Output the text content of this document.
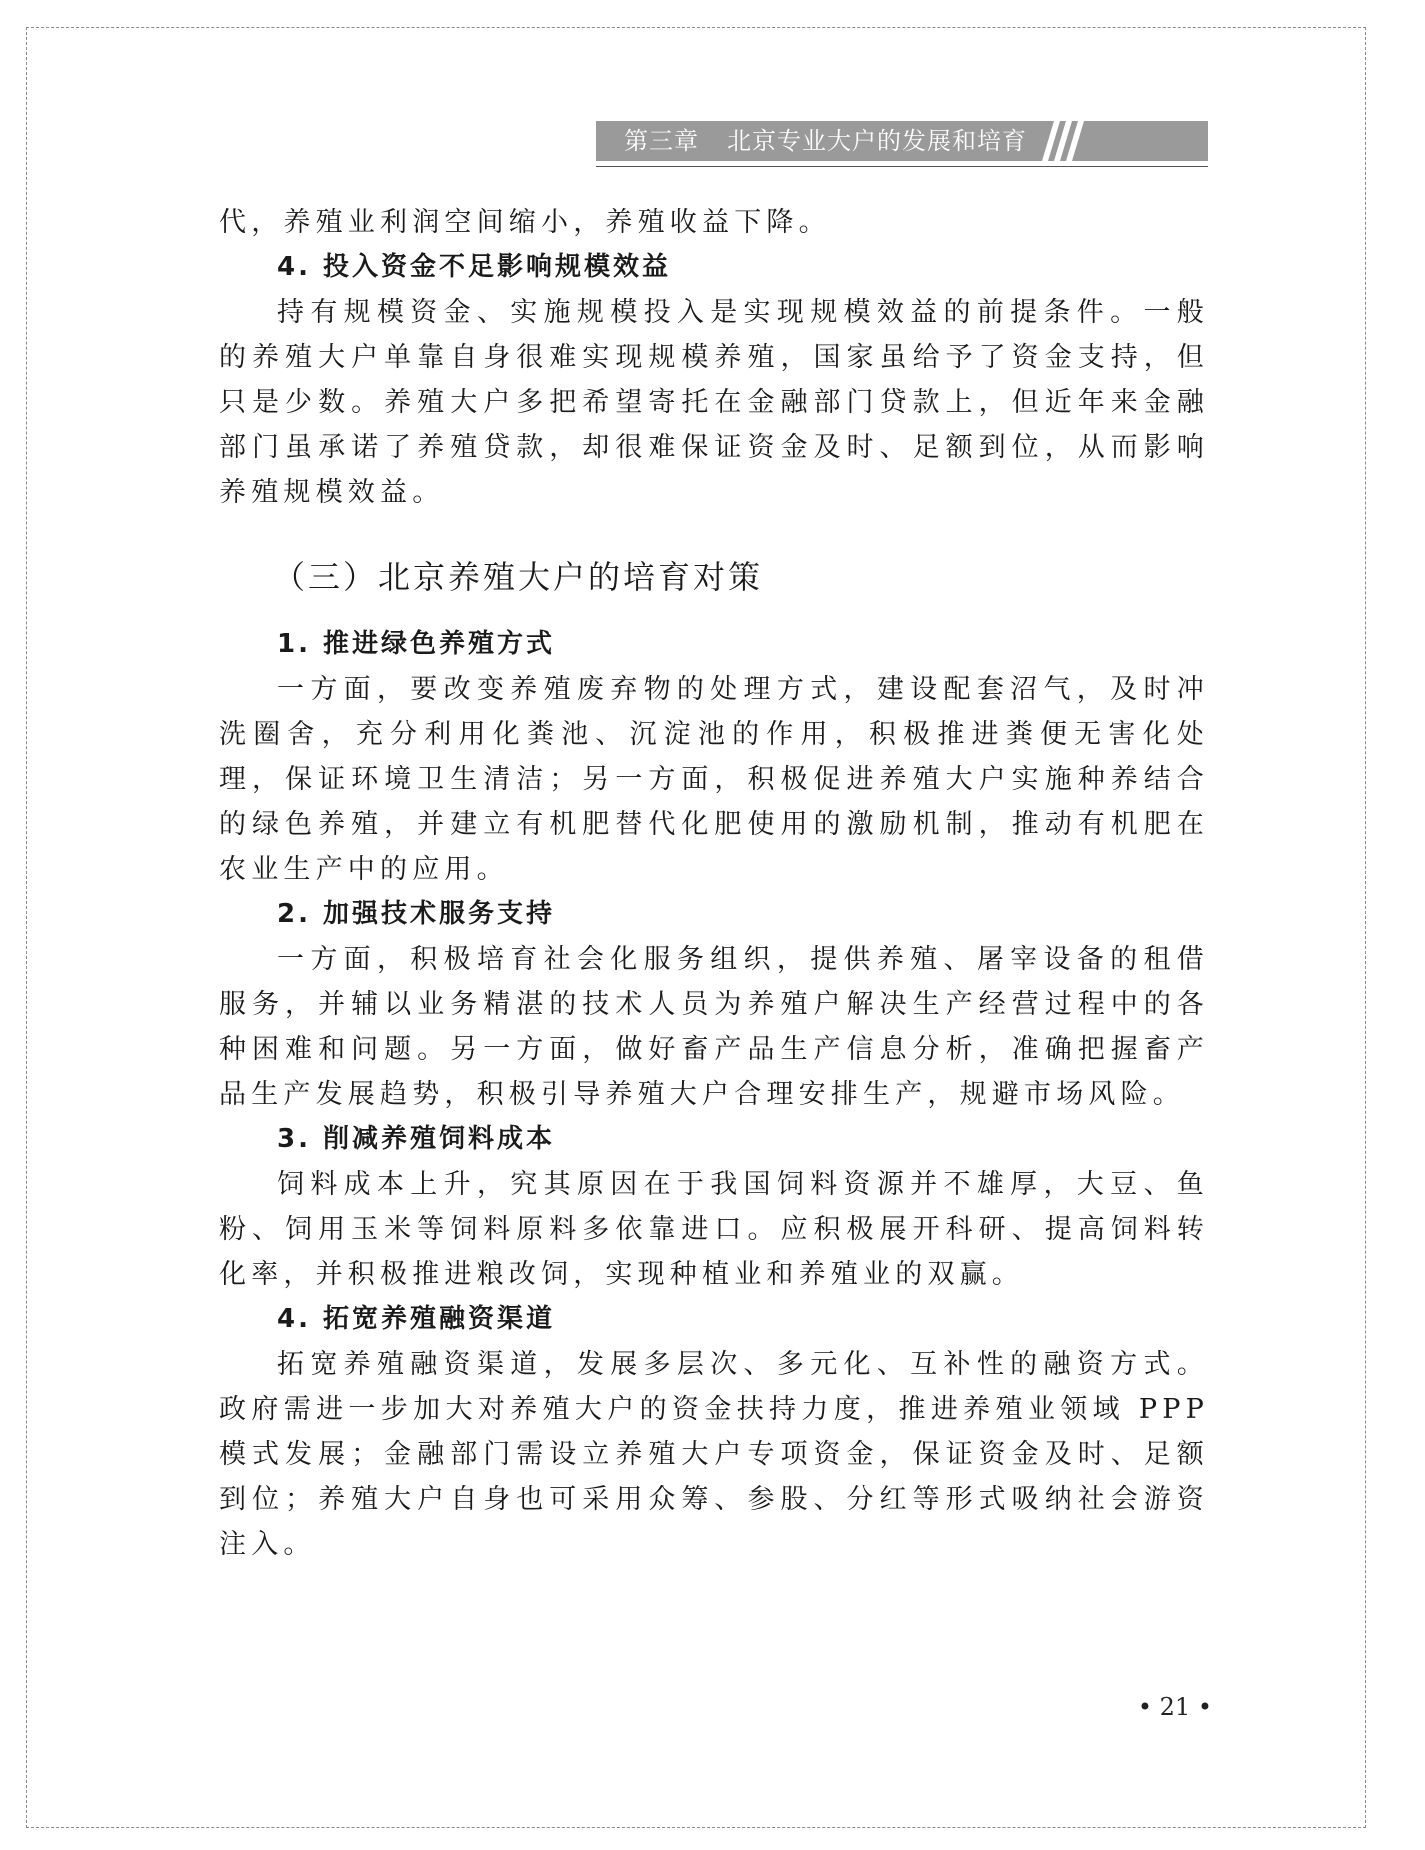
第三章 北京专业大户的发展和培育

代，养殖业利润空间缩小，养殖收益下降。

4. 投入资金不足影响规模效益

持有规模资金、实施规模投入是实现规模效益的前提条件。一般的养殖大户单靠自身很难实现规模养殖，国家虽给予了资金支持，但只是少数。养殖大户多把希望寄托在金融部门贷款上，但近年来金融部门虽承诺了养殖贷款，却很难保证资金及时、足额到位，从而影响养殖规模效益。

（三）北京养殖大户的培育对策

1. 推进绿色养殖方式

一方面，要改变养殖废弃物的处理方式，建设配套沼气，及时冲洗圈舍，充分利用化粪池、沉淀池的作用，积极推进粪便无害化处理，保证环境卫生清洁；另一方面，积极促进养殖大户实施种养结合的绿色养殖，并建立有机肥替代化肥使用的激励机制，推动有机肥在农业生产中的应用。

2. 加强技术服务支持

一方面，积极培育社会化服务组织，提供养殖、屠宰设备的租借服务，并辅以业务精湛的技术人员为养殖户解决生产经营过程中的各种困难和问题。另一方面，做好畜产品生产信息分析，准确把握畜产品生产发展趋势，积极引导养殖大户合理安排生产，规避市场风险。

3. 削减养殖饲料成本

饲料成本上升，究其原因在于我国饲料资源并不雄厚，大豆、鱼粉、饲用玉米等饲料原料多依靠进口。应积极展开科研、提高饲料转化率，并积极推进粮改饲，实现种植业和养殖业的双赢。

4. 拓宽养殖融资渠道

拓宽养殖融资渠道，发展多层次、多元化、互补性的融资方式。政府需进一步加大对养殖大户的资金扶持力度，推进养殖业领域 PPP 模式发展；金融部门需设立养殖大户专项资金，保证资金及时、足额到位；养殖大户自身也可采用众筹、参股、分红等形式吸纳社会游资注入。

• 21 •
